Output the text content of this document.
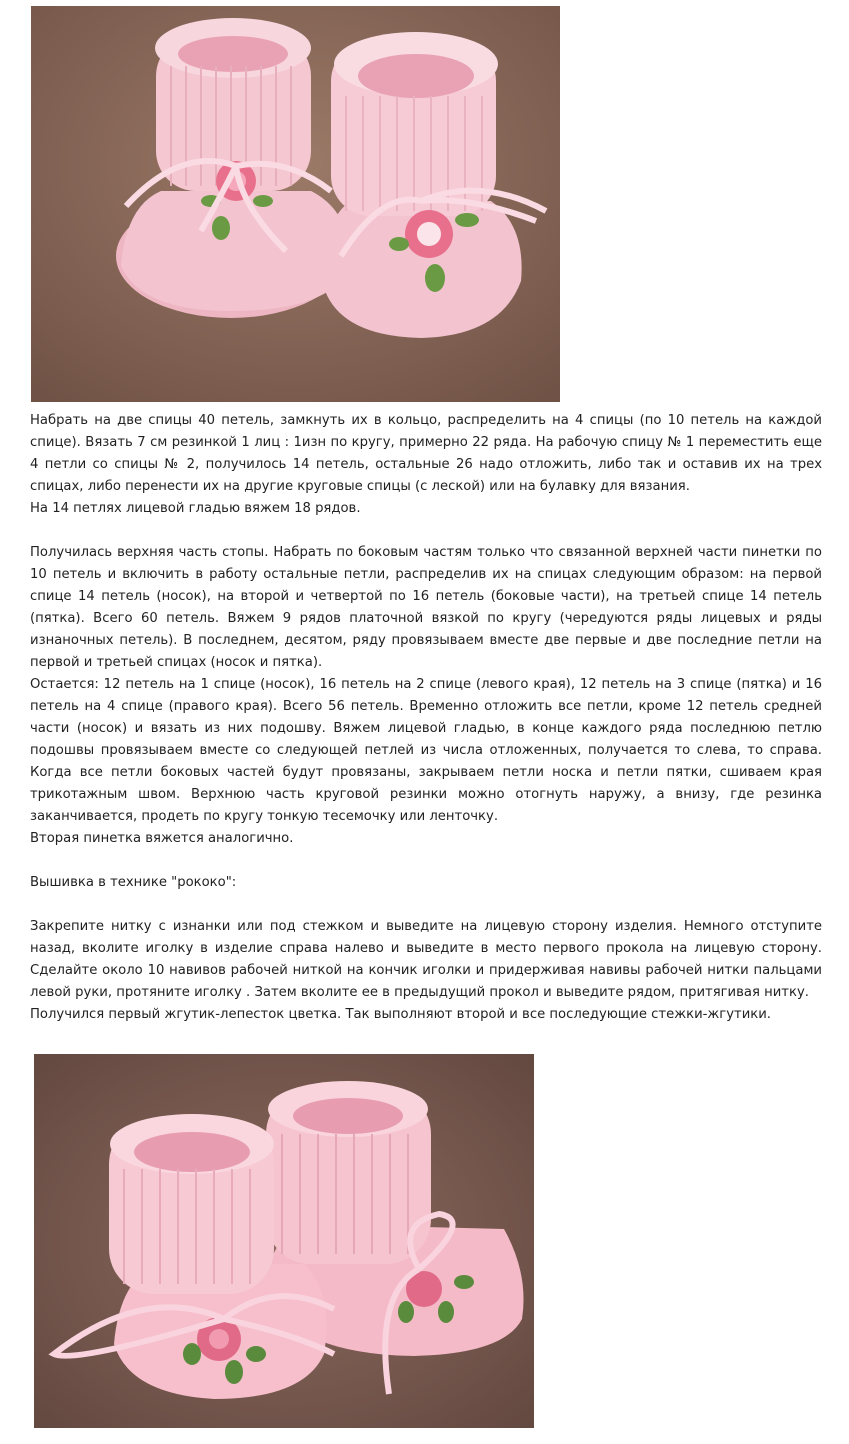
Набрать на две спицы 40 петель, замкнуть их в кольцо, распределить на 4 спицы (по 10 петель на каждой спице). Вязать 7 см резинкой 1 лиц : 1изн по кругу, примерно 22 ряда. На рабочую спицу № 1 переместить еще 4 петли со спицы № 2, получилось 14 петель, остальные 26 надо отложить, либо так и оставив их на трех спицах, либо перенести их на другие круговые спицы (с леской) или на булавку для вязания.

На 14 петлях лицевой гладью вяжем 18 рядов.

Получилась верхняя часть стопы. Набрать по боковым частям только что связанной верхней части пинетки по 10 петель и включить в работу остальные петли, распределив их на спицах следующим образом: на первой спице 14 петель (носок), на второй и четвертой по 16 петель (боковые части), на третьей спице 14 петель (пятка). Всего 60 петель. Вяжем 9 рядов платочной вязкой по кругу (чередуются ряды лицевых и ряды изнаночных петель). В последнем, десятом, ряду провязываем вместе две первые и две последние петли на первой и третьей спицах (носок и пятка).

Остается: 12 петель на 1 спице (носок), 16 петель на 2 спице (левого края), 12 петель на 3 спице (пятка) и 16 петель на 4 спице (правого края). Всего 56 петель. Временно отложить все петли, кроме 12 петель средней части (носок) и вязать из них подошву. Вяжем лицевой гладью, в конце каждого ряда последнюю петлю подошвы провязываем вместе со следующей петлей из числа отложенных, получается то слева, то справа. Когда все петли боковых частей будут провязаны, закрываем петли носка и петли пятки, сшиваем края трикотажным швом. Верхнюю часть круговой резинки можно отогнуть наружу, а внизу, где резинка заканчивается, продеть по кругу тонкую тесемочку или ленточку.

Вторая пинетка вяжется аналогично.

Вышивка в технике "рококо":

Закрепите нитку с изнанки или под стежком и выведите на лицевую сторону изделия. Немного отступите назад, вколите иголку в изделие справа налево и выведите в место первого прокола на лицевую сторону. Сделайте около 10 навивов рабочей ниткой на кончик иголки и придерживая навивы рабочей нитки пальцами левой руки, протяните иголку . Затем вколите ее в предыдущий прокол и выведите рядом, притягивая нитку.

Получился первый жгутик-лепесток цветка. Так выполняют второй и все последующие стежки-жгутики.
